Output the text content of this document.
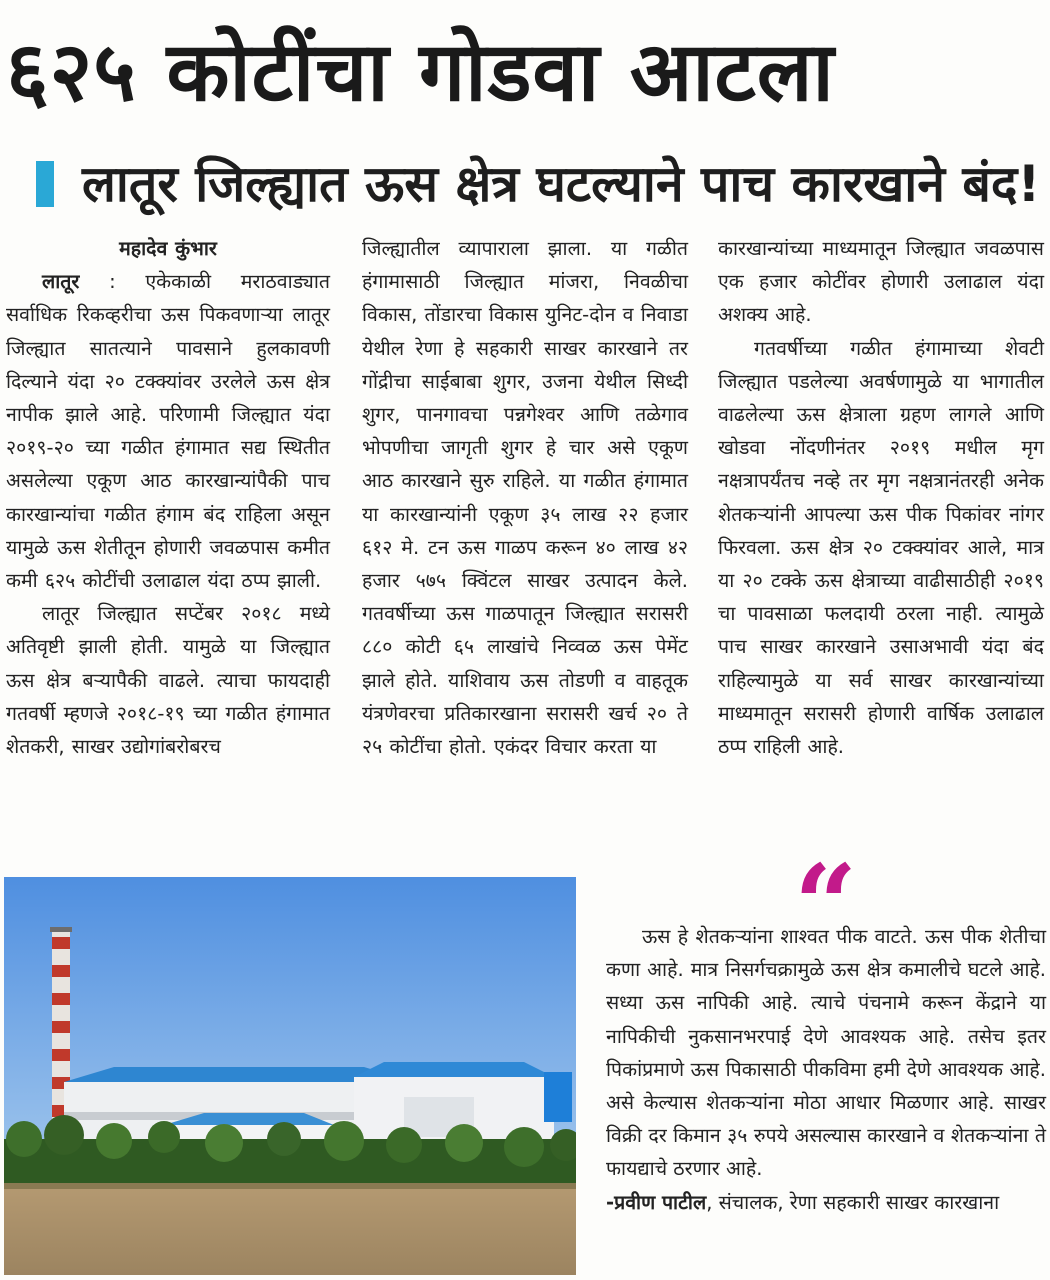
६२५ कोटींचा गोडवा आटला
लातूर जिल्ह्यात ऊस क्षेत्र घटल्याने पाच कारखाने बंद!

महादेव कुंभार

लातूर : एकेकाळी मराठवाड्यात सर्वाधिक रिकव्हरीचा ऊस पिकवणाऱ्या लातूर जिल्ह्यात सातत्याने पावसाने हुलकावणी दिल्याने यंदा २० टक्क्यांवर उरलेले ऊस क्षेत्र नापीक झाले आहे. परिणामी जिल्ह्यात यंदा २०१९-२० च्या गळीत हंगामात सद्य स्थितीत असलेल्या एकूण आठ कारखान्यांपैकी पाच कारखान्यांचा गळीत हंगाम बंद राहिला असून यामुळे ऊस शेतीतून होणारी जवळपास कमीत कमी ६२५ कोटींची उलाढाल यंदा ठप्प झाली.

लातूर जिल्ह्यात सप्टेंबर २०१८ मध्ये अतिवृष्टी झाली होती. यामुळे या जिल्ह्यात ऊस क्षेत्र बऱ्यापैकी वाढले. त्याचा फायदाही गतवर्षी म्हणजे २०१८-१९ च्या गळीत हंगामात शेतकरी, साखर उद्योगांबरोबरच

जिल्ह्यातील व्यापाराला झाला. या गळीत हंगामासाठी जिल्ह्यात मांजरा, निवळीचा विकास, तोंडारचा विकास युनिट-दोन व निवाडा येथील रेणा हे सहकारी साखर कारखाने तर गोंद्रीचा साईबाबा शुगर, उजना येथील सिध्दी शुगर, पानगावचा पन्नगेश्वर आणि तळेगाव भोपणीचा जागृती शुगर हे चार असे एकूण आठ कारखाने सुरु राहिले. या गळीत हंगामात या कारखान्यांनी एकूण ३५ लाख २२ हजार ६१२ मे. टन ऊस गाळप करून ४० लाख ४२ हजार ५७५ क्विंटल साखर उत्पादन केले. गतवर्षीच्या ऊस गाळपातून जिल्ह्यात सरासरी ८८० कोटी ६५ लाखांचे निव्वळ ऊस पेमेंट झाले होते. याशिवाय ऊस तोडणी व वाहतूक यंत्रणेवरचा प्रतिकारखाना सरासरी खर्च २० ते २५ कोटींचा होतो. एकंदर विचार करता या

कारखान्यांच्या माध्यमातून जिल्ह्यात जवळपास एक हजार कोटींवर होणारी उलाढाल यंदा अशक्य आहे.

गतवर्षीच्या गळीत हंगामाच्या शेवटी जिल्ह्यात पडलेल्या अवर्षणामुळे या भागातील वाढलेल्या ऊस क्षेत्राला ग्रहण लागले आणि खोडवा नोंदणीनंतर २०१९ मधील मृग नक्षत्रापर्यंतच नव्हे तर मृग नक्षत्रानंतरही अनेक शेतकऱ्यांनी आपल्या ऊस पीक पिकांवर नांगर फिरवला. ऊस क्षेत्र २० टक्क्यांवर आले, मात्र या २० टक्के ऊस क्षेत्राच्या वाढीसाठीही २०१९ चा पावसाळा फलदायी ठरला नाही. त्यामुळे पाच साखर कारखाने उसाअभावी यंदा बंद राहिल्यामुळे या सर्व साखर कारखान्यांच्या माध्यमातून सरासरी होणारी वार्षिक उलाढाल ठप्प राहिली आहे.

“

ऊस हे शेतकऱ्यांना शाश्वत पीक वाटते. ऊस पीक शेतीचा कणा आहे. मात्र निसर्गचक्रामुळे ऊस क्षेत्र कमालीचे घटले आहे. सध्या ऊस नापिकी आहे. त्याचे पंचनामे करून केंद्राने या नापिकीची नुकसानभरपाई देणे आवश्यक आहे. तसेच इतर पिकांप्रमाणे ऊस पिकासाठी पीकविमा हमी देणे आवश्यक आहे. असे केल्यास शेतकऱ्यांना मोठा आधार मिळणार आहे. साखर विक्री दर किमान ३५ रुपये असल्यास कारखाने व शेतकऱ्यांना ते फायद्याचे ठरणार आहे.

-प्रवीण पाटील, संचालक, रेणा सहकारी साखर कारखाना
